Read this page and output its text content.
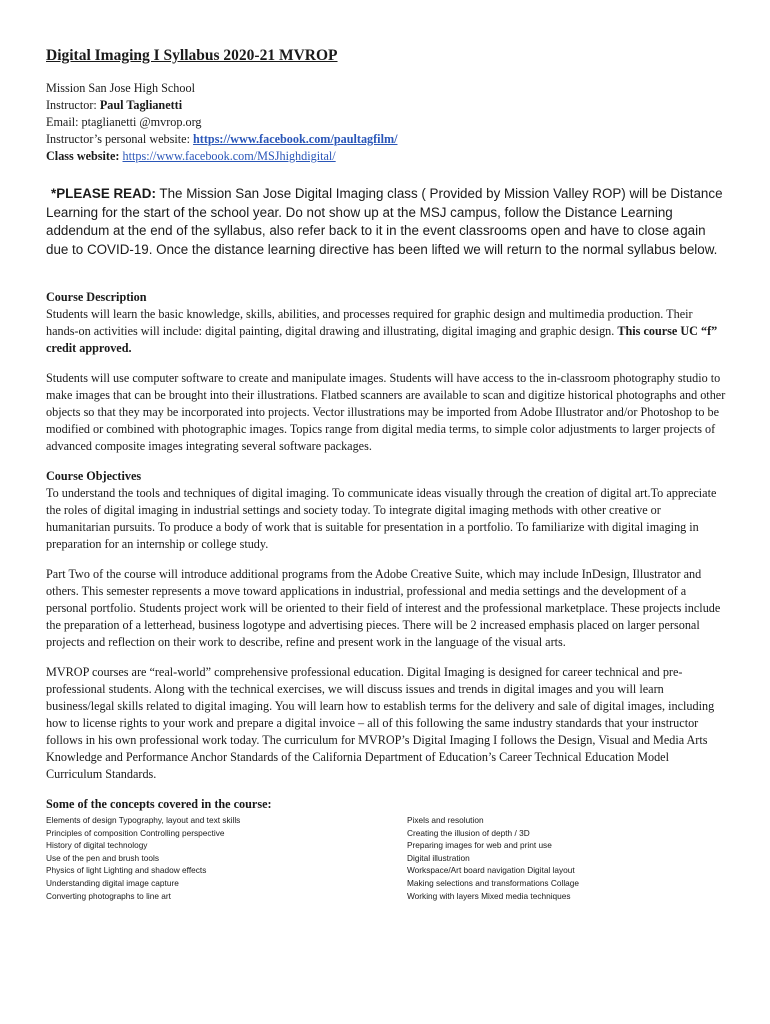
Digital Imaging I Syllabus 2020-21 MVROP

Mission San Jose High School

Instructor: Paul Taglianetti

Email: ptaglianetti @mvrop.org

Instructor’s personal website: https://www.facebook.com/paultagfilm/

Class website: https://www.facebook.com/MSJhighdigital/

*PLEASE READ: The Mission San Jose Digital Imaging class ( Provided by Mission Valley ROP) will be Distance Learning for the start of the school year. Do not show up at the MSJ campus, follow the Distance Learning addendum at the end of the syllabus, also refer back to it in the event classrooms open and have to close again due to COVID-19. Once the distance learning directive has been lifted we will return to the normal syllabus below.

Course Description

Students will learn the basic knowledge, skills, abilities, and processes required for graphic design and multimedia production. Their hands-on activities will include: digital painting, digital drawing and illustrating, digital imaging and graphic design. This course UC “f” credit approved.

Students will use computer software to create and manipulate images. Students will have access to the in-classroom photography studio to make images that can be brought into their illustrations. Flatbed scanners are available to scan and digitize historical photographs and other objects so that they may be incorporated into projects. Vector illustrations may be imported from Adobe Illustrator and/or Photoshop to be modified or combined with photographic images. Topics range from digital media terms, to simple color adjustments to larger projects of advanced composite images integrating several software packages.

Course Objectives

To understand the tools and techniques of digital imaging. To communicate ideas visually through the creation of digital art.To appreciate the roles of digital imaging in industrial settings and society today. To integrate digital imaging methods with other creative or humanitarian pursuits. To produce a body of work that is suitable for presentation in a portfolio. To familiarize with digital imaging in preparation for an internship or college study.

Part Two of the course will introduce additional programs from the Adobe Creative Suite, which may include InDesign, Illustrator and others. This semester represents a move toward applications in industrial, professional and media settings and the development of a personal portfolio. Students project work will be oriented to their field of interest and the professional marketplace. These projects include the preparation of a letterhead, business logotype and advertising pieces. There will be 2 increased emphasis placed on larger personal projects and reflection on their work to describe, refine and present work in the language of the visual arts.

MVROP courses are “real-world” comprehensive professional education. Digital Imaging is designed for career technical and pre-professional students. Along with the technical exercises, we will discuss issues and trends in digital images and you will learn business/legal skills related to digital imaging. You will learn how to establish terms for the delivery and sale of digital images, including how to license rights to your work and prepare a digital invoice – all of this following the same industry standards that your instructor follows in his own professional work today. The curriculum for MVROP’s Digital Imaging I follows the Design, Visual and Media Arts Knowledge and Performance Anchor Standards of the California Department of Education’s Career Technical Education Model Curriculum Standards.

Some of the concepts covered in the course:

Elements of design Typography, layout and text skills
Principles of composition Controlling perspective
History of digital technology
Use of the pen and brush tools
Physics of light Lighting and shadow effects
Understanding digital image capture
Converting photographs to line art
Pixels and resolution
Creating the illusion of depth / 3D
Preparing images for web and print use
Digital illustration
Workspace/Art board navigation Digital layout
Making selections and transformations Collage
Working with layers Mixed media techniques
